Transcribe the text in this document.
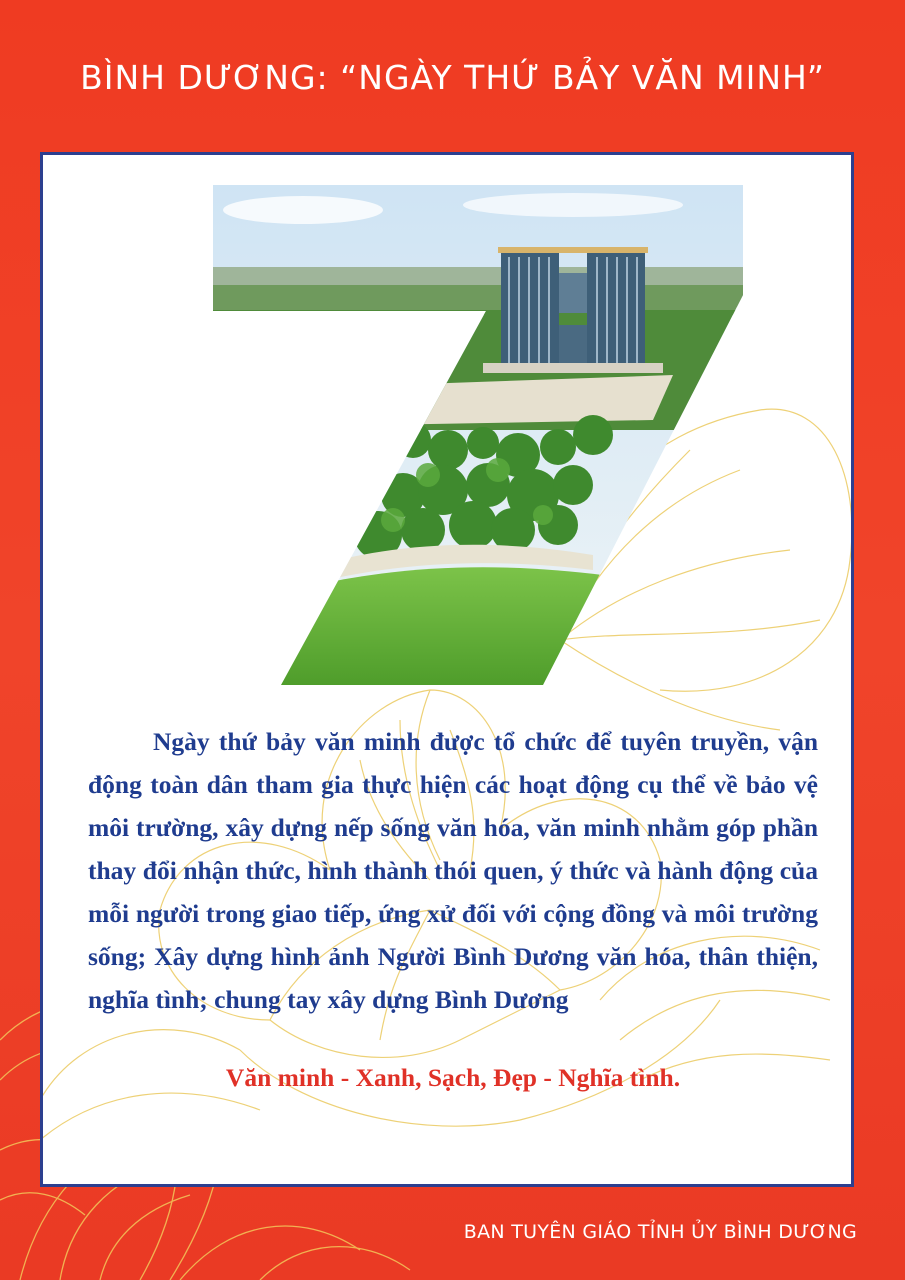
BÌNH DƯƠNG: “NGÀY THỨ BẢY VĂN MINH”

Ngày thứ bảy văn minh được tổ chức để tuyên truyền, vận động toàn dân tham gia thực hiện các hoạt động cụ thể về bảo vệ môi trường, xây dựng nếp sống văn hóa, văn minh nhằm góp phần thay đổi nhận thức, hình thành thói quen, ý thức và hành động của mỗi người trong giao tiếp, ứng xử đối với cộng đồng và môi trường sống; Xây dựng hình ảnh Người Bình Dương văn hóa, thân thiện, nghĩa tình; chung tay xây dựng Bình Dương

Văn minh - Xanh, Sạch, Đẹp - Nghĩa tình.

BAN TUYÊN GIÁO TỈNH ỦY BÌNH DƯƠNG
